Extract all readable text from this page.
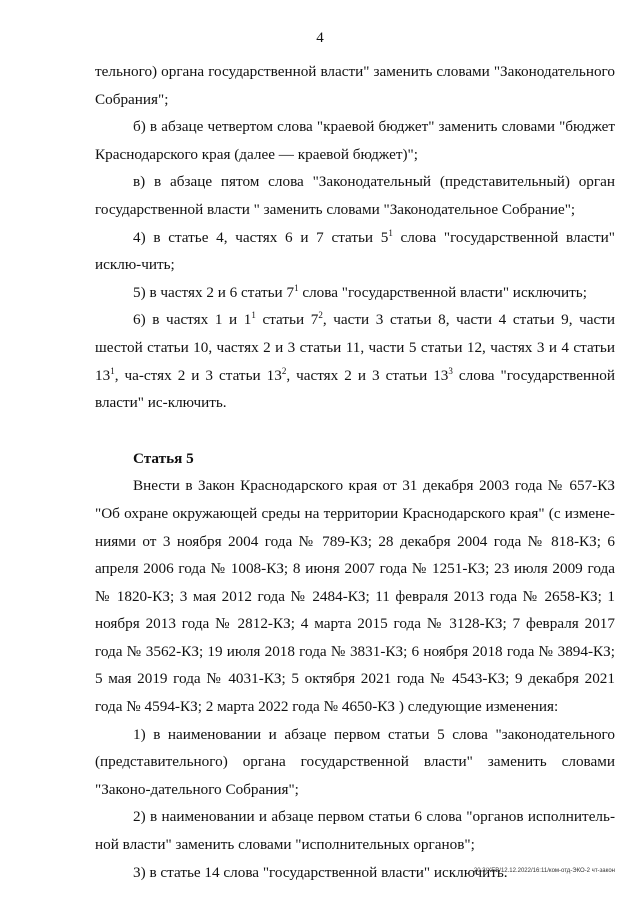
4

тельного) органа государственной власти" заменить словами "Законодательного Собрания";

б) в абзаце четвертом слова "краевой бюджет" заменить словами "бюджет Краснодарского края (далее — краевой бюджет)";

в) в абзаце пятом слова "Законодательный (представительный) орган государственной власти " заменить словами "Законодательное Собрание";

4) в статье 4, частях 6 и 7 статьи $5^1$ слова "государственной власти" исклю-чить;

5) в частях 2 и 6 статьи $7^1$ слова "государственной власти" исключить;

6) в частях 1 и $1^1$ статьи $7^2$, части 3 статьи 8, части 4 статьи 9, части шестой статьи 10, частях 2 и 3 статьи 11, части 5 статьи 12, частях 3 и 4 статьи $13^1$, ча-стях 2 и 3 статьи $13^2$, частях 2 и 3 статьи $13^3$ слова "государственной власти" ис-ключить.

Статья 5

Внести в Закон Краснодарского края от 31 декабря 2003 года № 657-КЗ "Об охране окружающей среды на территории Краснодарского края" (с измене-ниями от 3 ноября 2004 года № 789-КЗ; 28 декабря 2004 года № 818-КЗ; 6 апреля 2006 года № 1008-КЗ; 8 июня 2007 года № 1251-КЗ; 23 июля 2009 года № 1820-КЗ; 3 мая 2012 года № 2484-КЗ; 11 февраля 2013 года № 2658-КЗ; 1 ноября 2013 года № 2812-КЗ; 4 марта 2015 года № 3128-КЗ; 7 февраля 2017 года № 3562-КЗ; 19 июля 2018 года № 3831-КЗ; 6 ноября 2018 года № 3894-КЗ; 5 мая 2019 года № 4031-КЗ; 5 октября 2021 года № 4543-КЗ; 9 декабря 2021 года № 4594-КЗ; 2 марта 2022 года № 4650-КЗ ) следующие изменения:

1) в наименовании и абзаце первом статьи 5 слова "законодательного (представительного) органа государственной власти" заменить словами "Законо-дательного Собрания";

2) в наименовании и абзаце первом статьи 6 слова "органов исполнитель-ной власти" заменить словами "исполнительных органов";

3) в статье 14 слова "государственной власти" исключить.

20.3/ХЕВ/12.12.2022/16:11/ком-отд-ЭКО-2 чт-закон
